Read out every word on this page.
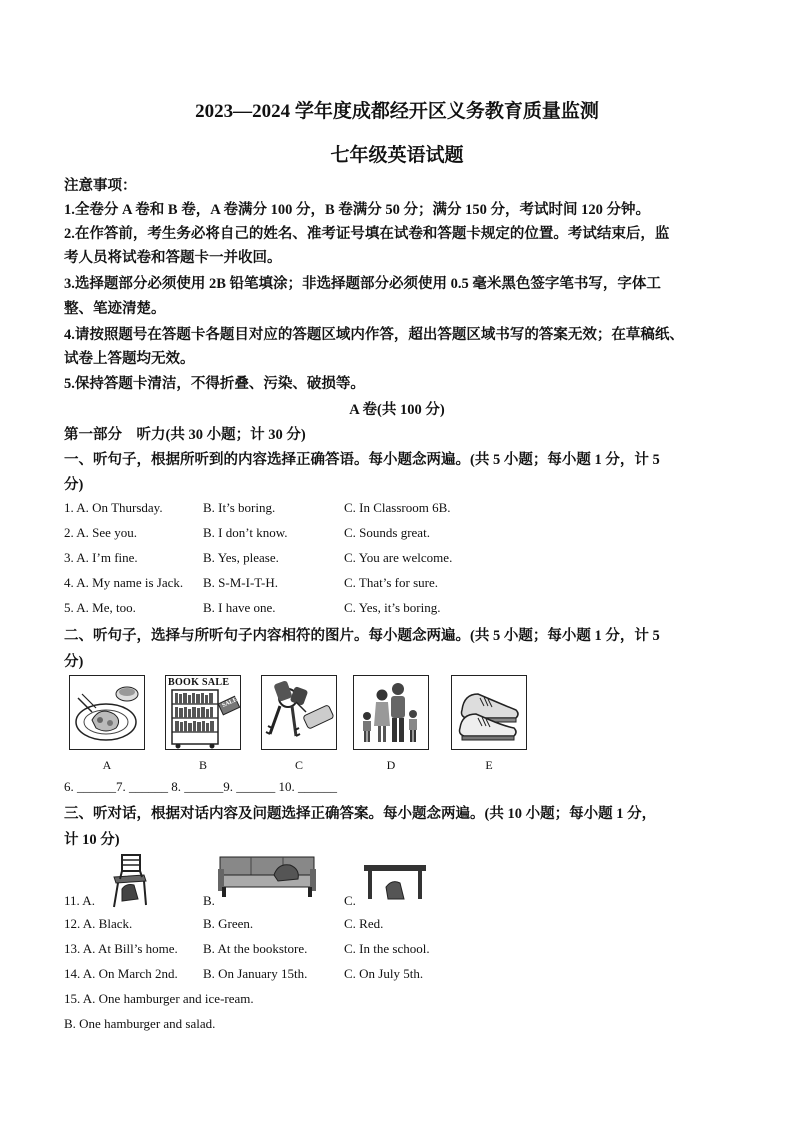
2023—2024 学年度成都经开区义务教育质量监测
七年级英语试题
注意事项：
1.全卷分 A 卷和 B 卷，A 卷满分 100 分，B 卷满分 50 分；满分 150 分，考试时间 120 分钟。
2.在作答前，考生务必将自己的姓名、准考证号填在试卷和答题卡规定的位置。考试结束后，监
考人员将试卷和答题卡一并收回。
3.选择题部分必须使用 2B 铅笔填涂；非选择题部分必须使用 0.5 毫米黑色签字笔书写，字体工
整、笔迹清楚。
4.请按照题号在答题卡各题目对应的答题区域内作答，超出答题区域书写的答案无效；在草稿纸、
试卷上答题均无效。
5.保持答题卡清洁，不得折叠、污染、破损等。
A 卷(共 100 分)
第一部分　听力(共 30 小题；计 30 分)
一、听句子，根据所听到的内容选择正确答语。每小题念两遍。(共 5 小题；每小题 1 分，计 5
分)
1. A. On Thursday.	B. It’s boring.	C. In Classroom 6B.
2. A. See you.	B. I don’t know.	C. Sounds great.
3. A. I’m fine.	B. Yes, please.	C. You are welcome.
4. A. My name is Jack. B. S-M-I-T-H.	C. That’s for sure.
5. A. Me, too.	B. I have one.	C. Yes, it’s boring.
二、听句子，选择与所听句子内容相符的图片。每小题念两遍。(共 5 小题；每小题 1 分，计 5
分)
A
BOOK SALE
SALE
B	C	D	E
6. ______7. ______ 8. ______9. ______ 10. ______
三、听对话，根据对话内容及问题选择正确答案。每小题念两遍。(共 10 小题；每小题 1 分，
计 10 分)
11. A.	B.	C.
12. A. Black.	B. Green.	C. Red.
13. A. At Bill’s home. B. At the bookstore.	C. In the school.
14. A. On March 2nd. B. On January 15th.	C. On July 5th.
15. A. One hamburger and ice-ream.
B. One hamburger and salad.
